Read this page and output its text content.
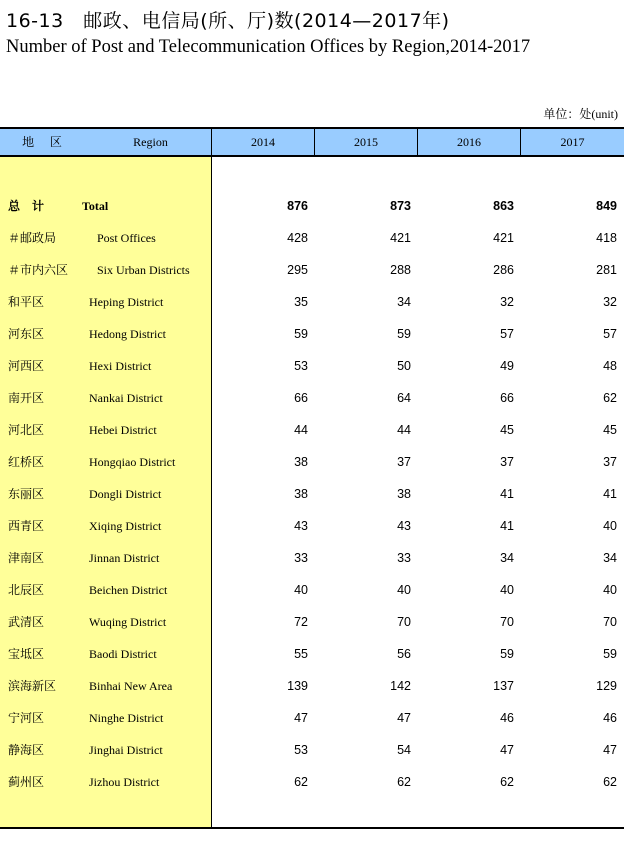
16-13　邮政、电信局(所、厅)数(2014—2017年)
Number of Post and Telecommunication Offices by Region,2014-2017
单位：处(unit)
地 区	Region	2014	2015	2016	2017
总　计	Total	876	873	863	849
＃邮政局	Post Offices	428	421	421	418
＃市内六区 Six Urban Districts	295	288	286	281
和平区	Heping District	35	34	32	32
河东区	Hedong District	59	59	57	57
河西区	Hexi District	53	50	49	48
南开区	Nankai District	66	64	66	62
河北区	Hebei District	44	44	45	45
红桥区	Hongqiao District	38	37	37	37
东丽区	Dongli District	38	38	41	41
西青区	Xiqing District	43	43	41	40
津南区	Jinnan District	33	33	34	34
北辰区	Beichen District	40	40	40	40
武清区	Wuqing District	72	70	70	70
宝坻区	Baodi District	55	56	59	59
滨海新区	Binhai New Area	139	142	137	129
宁河区	Ninghe District	47	47	46	46
静海区	Jinghai District	53	54	47	47
蓟州区	Jizhou District	62	62	62	62
